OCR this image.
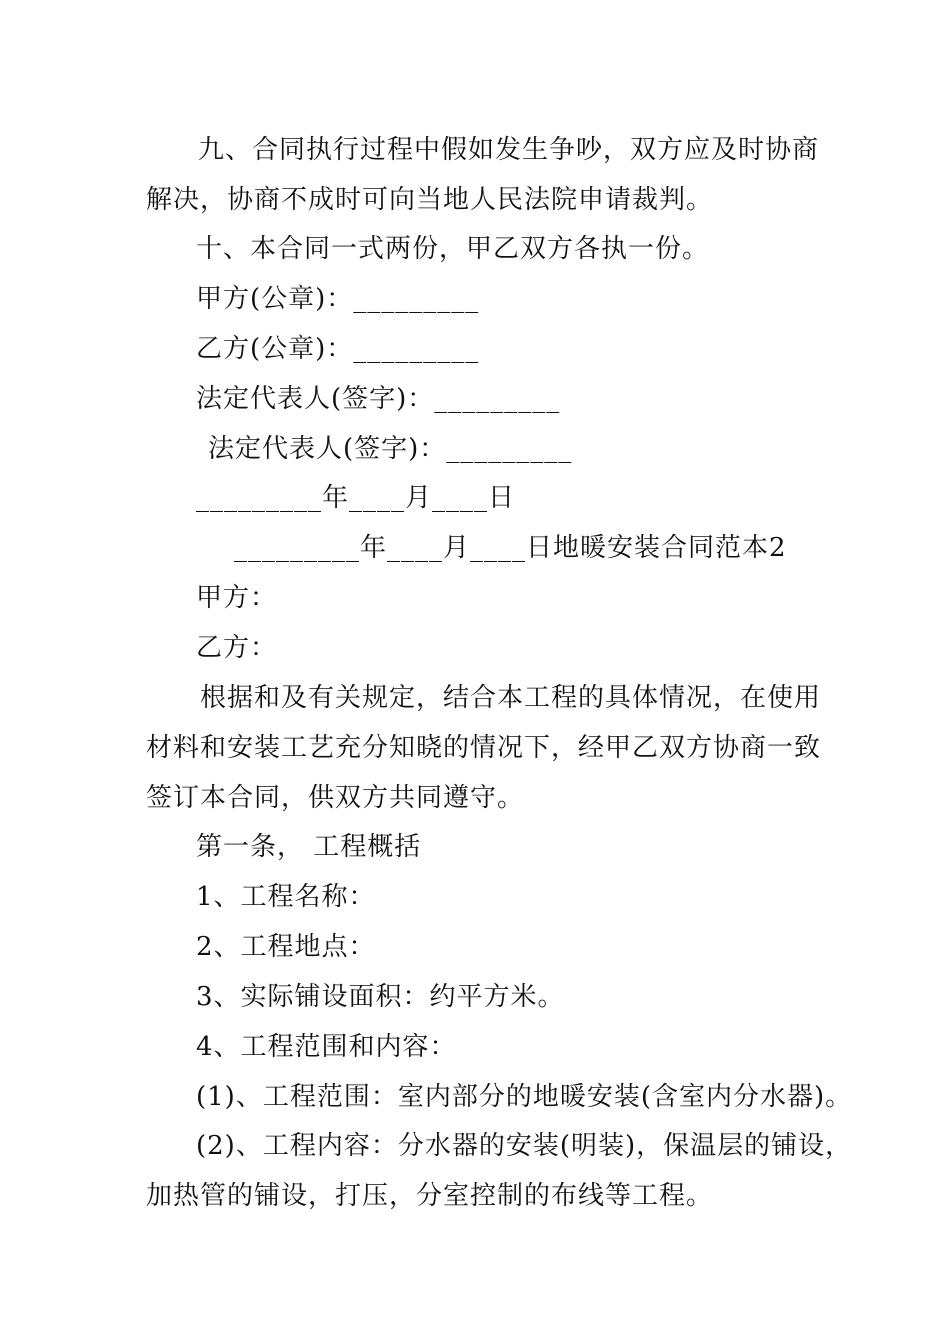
九、合同执行过程中假如发生争吵，双方应及时协商
解决，协商不成时可向当地人民法院申请裁判。
十、本合同一式两份，甲乙双方各执一份。
甲方(公章)：_________
乙方(公章)：_________
法定代表人(签字)：_________
法定代表人(签字)：_________
_________年____月____日
_________年____月____日地暖安装合同范本2
甲方：
乙方：
根据和及有关规定，结合本工程的具体情况，在使用
材料和安装工艺充分知晓的情况下，经甲乙双方协商一致
签订本合同，供双方共同遵守。
第一条， 工程概括
1、工程名称：
2、工程地点：
3、实际铺设面积：约平方米。
4、工程范围和内容：
(1)、工程范围：室内部分的地暖安装(含室内分水器)。
(2)、工程内容：分水器的安装(明装)，保温层的铺设，
加热管的铺设，打压，分室控制的布线等工程。
